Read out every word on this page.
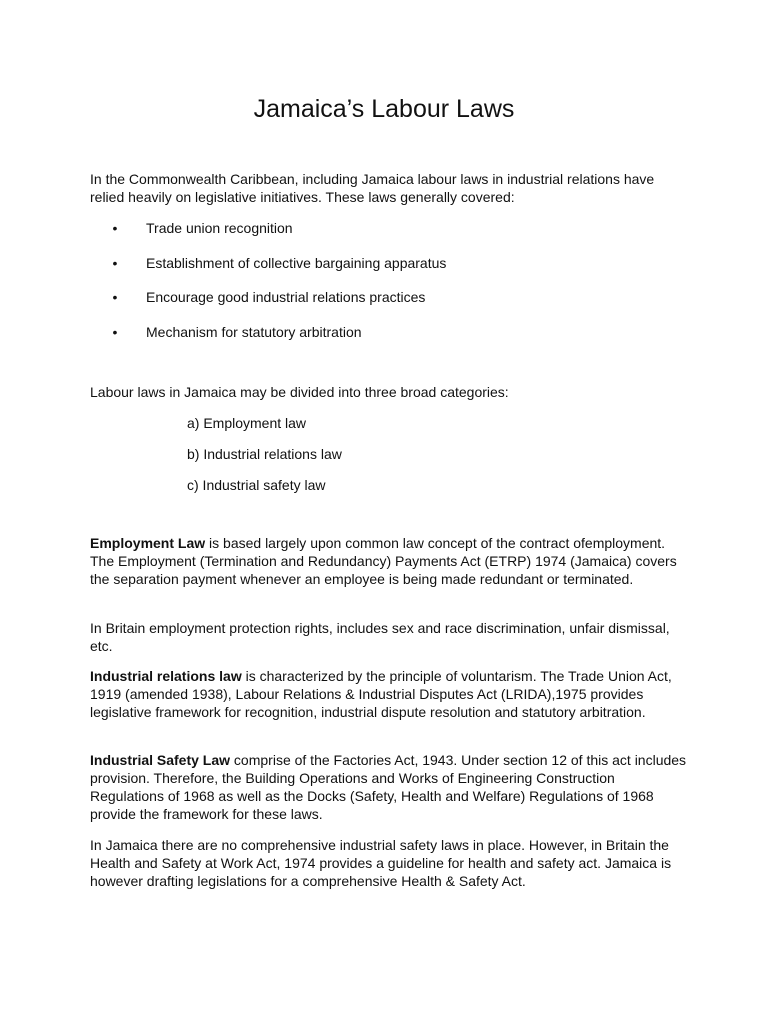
Jamaica’s Labour Laws

In the Commonwealth Caribbean, including Jamaica labour laws in industrial relations have relied heavily on legislative initiatives. These laws generally covered:

• Trade union recognition
• Establishment of collective bargaining apparatus
• Encourage good industrial relations practices
• Mechanism for statutory arbitration

Labour laws in Jamaica may be divided into three broad categories:

a) Employment law
b) Industrial relations law
c) Industrial safety law

Employment Law is based largely upon common law concept of the contract ofemployment. The Employment (Termination and Redundancy) Payments Act (ETRP) 1974 (Jamaica) covers the separation payment whenever an employee is being made redundant or terminated.

In Britain employment protection rights, includes sex and race discrimination, unfair dismissal, etc.

Industrial relations law is characterized by the principle of voluntarism. The Trade Union Act, 1919 (amended 1938), Labour Relations & Industrial Disputes Act (LRIDA),1975 provides legislative framework for recognition, industrial dispute resolution and statutory arbitration.

Industrial Safety Law comprise of the Factories Act, 1943. Under section 12 of this act includes provision. Therefore, the Building Operations and Works of Engineering Construction Regulations of 1968 as well as the Docks (Safety, Health and Welfare) Regulations of 1968 provide the framework for these laws.

In Jamaica there are no comprehensive industrial safety laws in place. However, in Britain the Health and Safety at Work Act, 1974 provides a guideline for health and safety act. Jamaica is however drafting legislations for a comprehensive Health & Safety Act.
